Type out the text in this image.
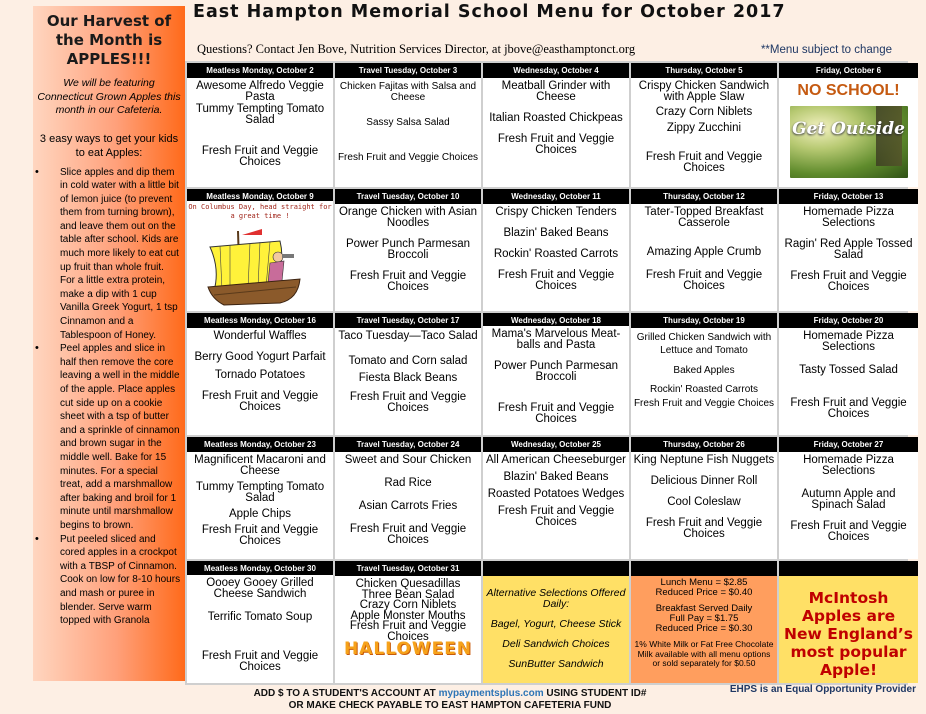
Our Harvest of the Month is APPLES!!!
We will be featuring Connecticut Grown Apples this month in our Cafeteria.
3 easy ways to get your kids to eat Apples:
• Slice apples and dip them in cold water with a little bit of lemon juice (to prevent them from turning brown), and leave them out on the table after school. Kids are much more likely to eat cut up fruit than whole fruit. For a little extra protein, make a dip with 1 cup Vanilla Greek Yogurt, 1 tsp Cinnamon and a Tablespoon of Honey.
• Peel apples and slice in half then remove the core leaving a well in the middle of the apple. Place apples cut side up on a cookie sheet with a tsp of butter and a sprinkle of cinnamon and brown sugar in the middle well. Bake for 15 minutes. For a special treat, add a marshmallow after baking and broil for 1 minute until marshmallow begins to brown.
• Put peeled sliced and cored apples in a crockpot with a TBSP of Cinnamon. Cook on low for 8-10 hours and mash or puree in blender. Serve warm topped with Granola
East Hampton Memorial School Menu for October 2017
Questions? Contact Jen Bove, Nutrition Services Director, at jbove@easthamptonct.org	**Menu subject to change
Meatless Monday, October 2
Awesome Alfredo Veggie Pasta
Tummy Tempting Tomato Salad
Fresh Fruit and Veggie Choices
Travel Tuesday, October 3
Chicken Fajitas with Salsa and Cheese
Sassy Salsa Salad
Fresh Fruit and Veggie Choices
Wednesday, October 4
Meatball Grinder with Cheese
Italian Roasted Chickpeas
Fresh Fruit and Veggie Choices
Thursday, October 5
Crispy Chicken Sandwich with Apple Slaw
Crazy Corn Niblets
Zippy Zucchini
Fresh Fruit and Veggie Choices
Friday, October 6
NO SCHOOL!
Get Outside
Meatless Monday, October 9
On Columbus Day, head straight for a great time !
Travel Tuesday, October 10
Orange Chicken with Asian Noodles
Power Punch Parmesan Broccoli
Fresh Fruit and Veggie Choices
Wednesday, October 11
Crispy Chicken Tenders
Blazin' Baked Beans
Rockin' Roasted Carrots
Fresh Fruit and Veggie Choices
Thursday, October 12
Tater-Topped Breakfast Casserole
Amazing Apple Crumb
Fresh Fruit and Veggie Choices
Friday, October 13
Homemade Pizza Selections
Ragin' Red Apple Tossed Salad
Fresh Fruit and Veggie Choices
Meatless Monday, October 16
Wonderful Waffles
Berry Good Yogurt Parfait
Tornado Potatoes
Fresh Fruit and Veggie Choices
Travel Tuesday, October 17
Taco Tuesday—Taco Salad
Tomato and Corn salad
Fiesta Black Beans
Fresh Fruit and Veggie Choices
Wednesday, October 18
Mama's Marvelous Meat-balls and Pasta
Power Punch Parmesan Broccoli
Fresh Fruit and Veggie Choices
Thursday, October 19
Grilled Chicken Sandwich with Lettuce and Tomato
Baked Apples
Rockin' Roasted Carrots
Fresh Fruit and Veggie Choices
Friday, October 20
Homemade Pizza Selections
Tasty Tossed Salad
Fresh Fruit and Veggie Choices
Meatless Monday, October 23
Magnificent Macaroni and Cheese
Tummy Tempting Tomato Salad
Apple Chips
Fresh Fruit and Veggie Choices
Travel Tuesday, October 24
Sweet and Sour Chicken
Rad Rice
Asian Carrots Fries
Fresh Fruit and Veggie Choices
Wednesday, October 25
All American Cheeseburger
Blazin' Baked Beans
Roasted Potatoes Wedges
Fresh Fruit and Veggie Choices
Thursday, October 26
King Neptune Fish Nuggets
Delicious Dinner Roll
Cool Coleslaw
Fresh Fruit and Veggie Choices
Friday, October 27
Homemade Pizza Selections
Autumn Apple and Spinach Salad
Fresh Fruit and Veggie Choices
Meatless Monday, October 30
Oooey Gooey Grilled Cheese Sandwich
Terrific Tomato Soup
Fresh Fruit and Veggie Choices
Travel Tuesday, October 31
Chicken Quesadillas
Three Bean Salad
Crazy Corn Niblets
Apple Monster Mouths
Fresh Fruit and Veggie Choices
HALLOWEEN
Alternative Selections Offered Daily:
Bagel, Yogurt, Cheese Stick
Deli Sandwich Choices
SunButter Sandwich
Lunch Menu = $2.85
Reduced Price = $0.40
Breakfast Served Daily
Full Pay = $1.75
Reduced Price = $0.30
1% White Milk or Fat Free Chocolate Milk available with all menu options or sold separately for $0.50
McIntosh Apples are New England’s most popular Apple!
ADD $ TO A STUDENT'S ACCOUNT AT mypaymentsplus.com USING STUDENT ID#
OR MAKE CHECK PAYABLE TO EAST HAMPTON CAFETERIA FUND
EHPS is an Equal Opportunity Provider
